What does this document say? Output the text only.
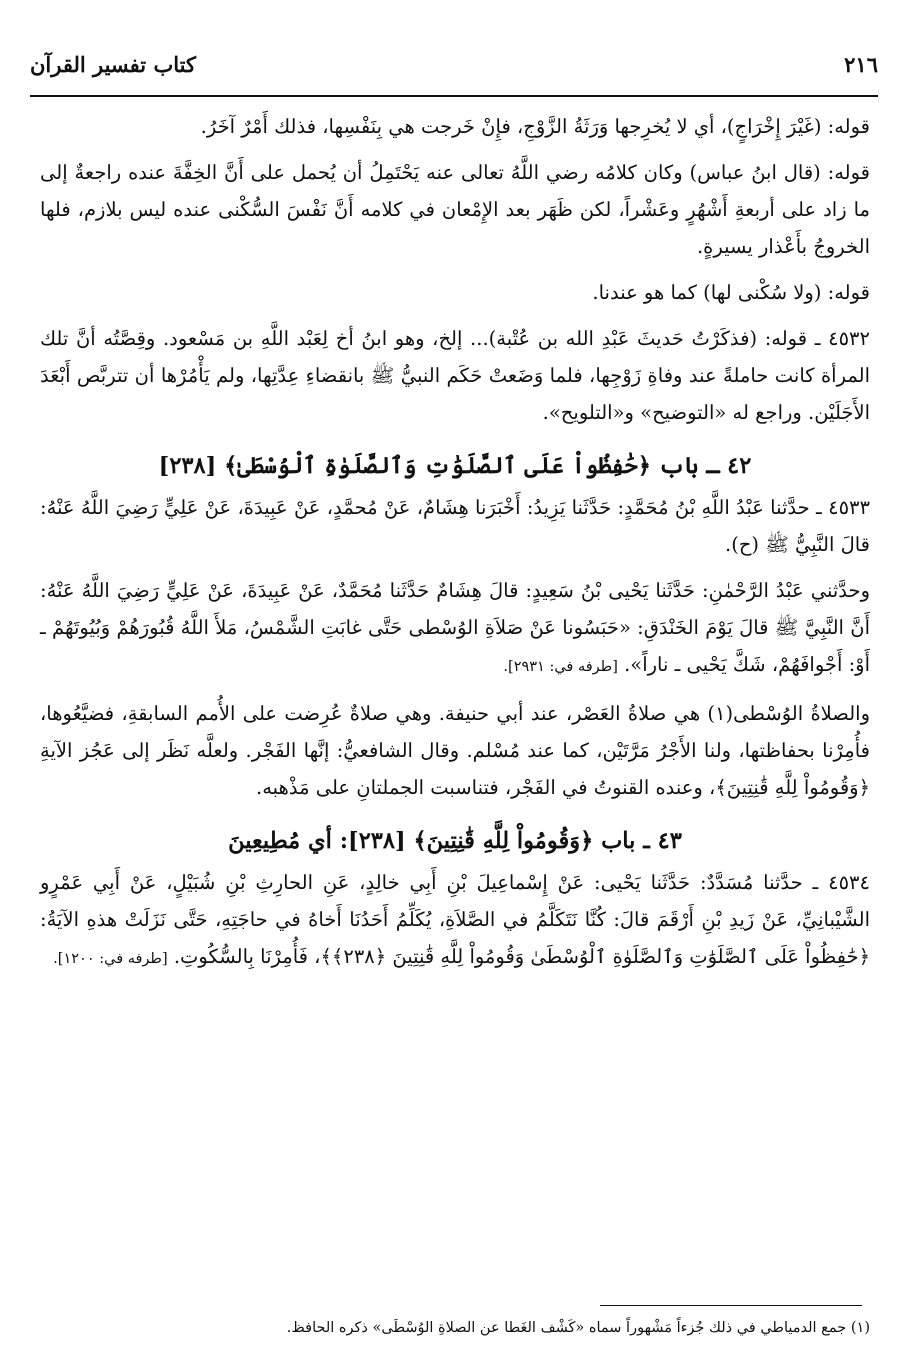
٢١٦
كتاب تفسير القرآن

قوله: (غَيْرَ إِخْرَاجٍ)، أي لا يُخرِجها وَرَثَةُ الزَّوْجِ، فإِنْ خَرجت هي بِنَفْسِها، فذلك أَمْرٌ آخَرُ.

قوله: (قال ابنُ عباس) وكان كلامُه رضي اللَّهُ تعالى عنه يَحْتَمِلُ أن يُحمل على أَنَّ الخِفَّةَ عنده راجعةٌ إلى ما زاد على أربعةِ أَشْهُرٍ وعَشْراً، لكن ظَهَر بعد الإِمْعان في كلامه أَنَّ نَفْسَ السُّكْنى عنده ليس بلازم، فلها الخروجُ بأَعْذار يسيرةٍ.

قوله: (ولا سُكْنى لها) كما هو عندنا.

٤٥٣٢ ـ قوله: (فذكَرْتُ حَديثَ عَبْدِ الله بن عُتْبة)... إلخ، وهو ابنُ أخ لِعَبْد اللَّهِ بن مَسْعود. وقِصَّتُه أنَّ تلك المرأة كانت حاملةً عند وفاةِ زَوْجِها، فلما وَضَعتْ حَكَم النبيُّ ﷺ بانقضاءِ عِدَّتِها، ولم يَأْمُرْها أن تتربَّص أَبْعَدَ الأَجَلَيْن. وراجع له «التوضيح» و«التلويح».

٤٢ ـ باب ﴿حَٰفِظُواْ عَلَى ٱلصَّلَوَٰتِ وَٱلصَّلَوٰةِ ٱلْوُسْطَىٰ﴾ [٢٣٨]

٤٥٣٣ ـ حدَّثنا عَبْدُ اللَّهِ بْنُ مُحَمَّدٍ: حَدَّثَنا يَزِيدُ: أَخْبَرَنا هِشَامٌ، عَنْ مُحمَّدٍ، عَنْ عَبِيدَةَ، عَنْ عَلِيٍّ رَضِيَ اللَّهُ عَنْهُ: قالَ النَّبِيُّ ﷺ (ح).

وحدَّثني عَبْدُ الرَّحْمٰنِ: حَدَّثَنا يَحْيى بْنُ سَعِيدٍ: قالَ هِشَامٌ حَدَّثَنا مُحَمَّدٌ، عَنْ عَبِيدَةَ، عَنْ عَلِيٍّ رَضِيَ اللَّهُ عَنْهُ: أَنَّ النَّبِيَّ ﷺ قالَ يَوْمَ الخَنْدَقِ: «حَبَسُونا عَنْ صَلاَةِ الوُسْطى حَتَّى غابَتِ الشَّمْسُ، مَلأَ اللَّهُ قُبُورَهُمْ وَبُيُوتَهُمْ ـ أَوْ: أَجْوافَهُمْ، شَكَّ يَحْيى ـ ناراً». [طرفه في: ٢٩٣١].

والصلاةُ الوُسْطى(١) هي صلاةُ العَصْر، عند أبي حنيفة. وهي صلاةٌ عُرِضت على الأُمم السابقةِ، فضيَّعُوها، فأُمِرْنا بحفاظتها، ولنا الأَجْرُ مَرَّتَيْن، كما عند مُسْلم. وقال الشافعيُّ: إنَّها الفَجْر. ولعلَّه نَظَر إلى عَجُز الآيةِ ﴿وَقُومُواْ لِلَّهِ قَٰنِتِينَ﴾، وعنده القنوتُ في الفَجْر، فتناسبت الجملتانِ على مَذْهبه.

٤٣ ـ باب ﴿وَقُومُواْ لِلَّهِ قَٰنِتِينَ﴾ [٢٣٨]: أي مُطِيعِينَ

٤٥٣٤ ـ حدَّثنا مُسَدَّدٌ: حَدَّثَنا يَحْيى: عَنْ إِسْماعِيلَ بْنِ أَبِي خالِدٍ، عَنِ الحارِثِ بْنِ شُبَيْلٍ، عَنْ أَبِي عَمْرٍو الشَّيْبانِيِّ، عَنْ زَيدِ بْنِ أَرْقَمَ قالَ: كُنَّا نَتَكَلَّمُ في الصَّلاَةِ، يُكَلِّمُ أَحَدُنَا أَخاهُ في حاجَتِهِ، حَتَّى نَزَلَتْ هذهِ الآيَةُ: ﴿حَٰفِظُواْ عَلَى ٱلصَّلَوَٰتِ وَٱلصَّلَوٰةِ ٱلْوُسْطَىٰ وَقُومُواْ لِلَّهِ قَٰنِتِينَ ﴿٢٣٨﴾﴾، فَأُمِرْنَا بِالسُّكُوتِ. [طرفه في: ١٢٠٠].

(١) جمع الدمياطي في ذلك جُزءاً مَشْهوراً سماه «كَشْف الغَطا عن الصلاةِ الوُسْطَى» ذكره الحافظ.
